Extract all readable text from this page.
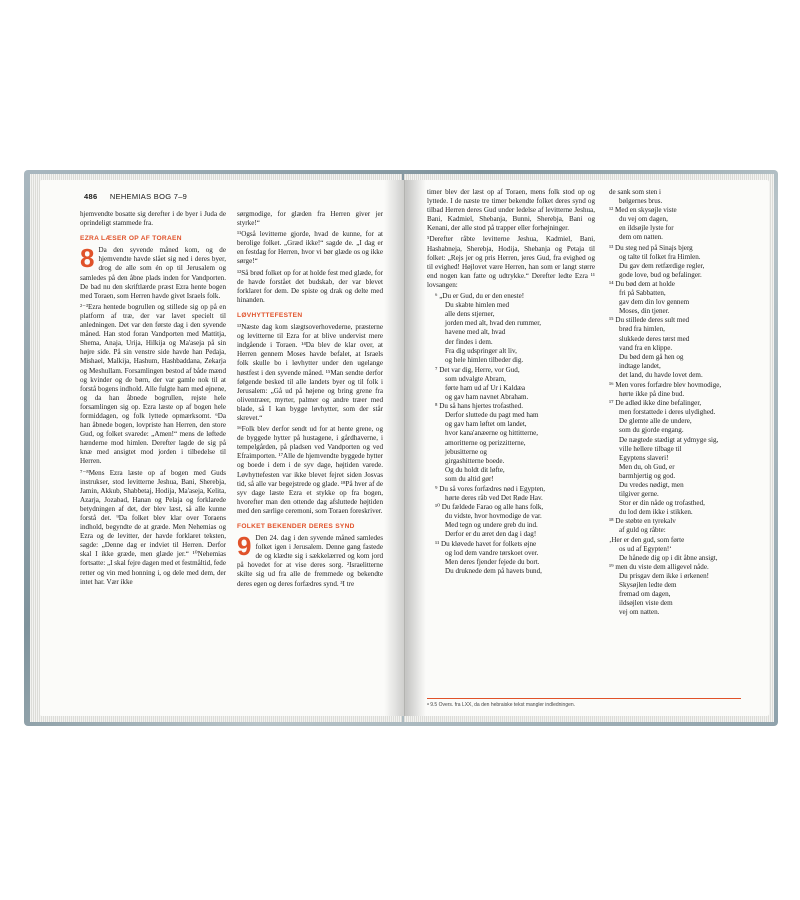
486 NEHEMIAS BOG 7–9

hjemvendte bosatte sig derefter i de byer i Juda de oprindeligt stammede fra.

EZRA LÆSER OP AF TORAEN

8 Da den syvende måned kom, og de hjemvendte havde slået sig ned i deres byer, drog de alle som én op til Jerusalem og samledes på den åbne plads inden for Vandporten. De bad nu den skriftlærde præst Ezra hente bogen med Toraen, som Herren havde givet Israels folk.

²⁻³Ezra hentede bogrullen og stillede sig op på en platform af træ, der var lavet specielt til anledningen. Det var den første dag i den syvende måned. Han stod foran Vandporten med Mattitja, Shema, Anaja, Urija, Hilkija og Ma'aseja på sin højre side. På sin venstre side havde han Pedaja, Mishael, Malkija, Hashum, Hashbaddana, Zekarja og Meshullam. Forsamlingen bestod af både mænd og kvinder og de børn, der var gamle nok til at forstå bogens indhold. Alle fulgte ham med øjnene, og da han åbnede bogrullen, rejste hele forsamlingen sig op. Ezra læste op af bogen hele formiddagen, og folk lyttede opmærksomt. ⁶Da han åbnede bogen, lovpriste han Herren, den store Gud, og folket svarede: „Amen!“ mens de løftede hænderne mod himlen. Derefter lagde de sig på knæ med ansigtet mod jorden i tilbedelse til Herren.

⁷⁻⁸Mens Ezra læste op af bogen med Guds instrukser, stod levitterne Jeshua, Bani, Sherebja, Jamin, Akkub, Shabbetaj, Hodija, Ma'aseja, Kelita, Azarja, Jozabad, Hanan og Pelaja og forklarede betydningen af det, der blev læst, så alle kunne forstå det. ⁹Da folket blev klar over Toraens indhold, begyndte de at græde. Men Nehemias og Ezra og de levitter, der havde forklaret teksten, sagde: „Denne dag er indviet til Herren. Derfor skal I ikke græde, men glæde jer.“ ¹⁰Nehemias fortsatte: „I skal fejre dagen med et festmåltid, fede retter og vin med honning i, og dele med dem, der intet har. Vær ikke

sørgmodige, for glæden fra Herren giver jer styrke!“

¹¹Også levitterne gjorde, hvad de kunne, for at berolige folket. „Græd ikke!“ sagde de. „I dag er en festdag for Herren, hvor vi bør glæde os og ikke sørge!“

¹²Så brød folket op for at holde fest med glæde, for de havde forstået det budskab, der var blevet forklaret for dem. De spiste og drak og delte med hinanden.

LØVHYTTEFESTEN

¹³Næste dag kom slægtsoverhovederne, præsterne og levitterne til Ezra for at blive undervist mere indgående i Toraen. ¹⁴Da blev de klar over, at Herren gennem Moses havde befalet, at Israels folk skulle bo i løvhytter under den ugelange høstfest i den syvende måned. ¹⁵Man sendte derfor følgende besked til alle landets byer og til folk i Jerusalem: „Gå ud på højene og bring grene fra oliventræer, myrter, palmer og andre træer med blade, så I kan bygge løvhytter, som der står skrevet.“

¹⁶Folk blev derfor sendt ud for at hente grene, og de byggede hytter på hustagene, i gårdhaverne, i tempelgården, på pladsen ved Vandporten og ved Efraimporten. ¹⁷Alle de hjemvendte byggede hytter og boede i dem i de syv dage, højtiden varede. Løvhyttefesten var ikke blevet fejret siden Josvas tid, så alle var begejstrede og glade. ¹⁸På hver af de syv dage læste Ezra et stykke op fra bogen, hvorefter man den ottende dag afsluttede højtiden med den særlige ceremoni, som Toraen foreskriver.

FOLKET BEKENDER DERES SYND

9 Den 24. dag i den syvende måned samledes folket igen i Jerusalem. Denne gang fastede de og klædte sig i sækkelærred og kom jord på hovedet for at vise deres sorg. ²Israelitterne skilte sig ud fra alle de fremmede og bekendte deres egen og deres forfædres synd. ³I tre

timer blev der læst op af Toraen, mens folk stod op og lyttede. I de næste tre timer bekendte folket deres synd og tilbad Herren deres Gud under ledelse af levitterne Jeshua, Bani, Kadmiel, Shebanja, Bunni, Sherebja, Bani og Kenani, der alle stod på trapper eller forhøjninger.

⁵Derefter råbte levitterne Jeshua, Kadmiel, Bani, Hashabneja, Sherebja, Hodija, Shebanja og Petaja til folket: „Rejs jer og pris Herren, jeres Gud, fra evighed og til evighed! Højlovet være Herren, han som er langt større end nogen kan fatte og udtrykke.“ Derefter ledte Ezra ¹¹ lovsangen:

⁶ „Du er Gud, du er den eneste!
Du skabte himlen med
alle dens stjerner,
jorden med alt, hvad den rummer,
havene med alt, hvad
der findes i dem.
Fra dig udspringer alt liv,
og hele himlen tilbeder dig.
⁷ Det var dig, Herre, vor Gud,
som udvalgte Abram,
førte ham ud af Ur i Kaldæa
og gav ham navnet Abraham.
⁸ Du så hans hjertes trofasthed.
Derfor sluttede du pagt med ham
og gav ham løftet om landet,
hvor kana'anæerne og hittitterne,
amoritterne og perizzitterne,
jebusitterne og
girgashitterne boede.
Og du holdt dit løfte,
som du altid gør!
⁹ Du så vores forfædres nød i Egypten,
hørte deres råb ved Det Røde Hav.
¹⁰ Du fældede Farao og alle hans folk,
du vidste, hvor hovmodige de var.
Med tegn og undere greb du ind.
Derfor er du æret den dag i dag!
¹¹ Du kløvede havet for folkets øjne
og lod dem vandre tørskoet over.
Men deres fjender fejede du bort.
Du druknede dem på havets bund,
de sank som sten i
bølgernes brus.
¹² Med en skysøjle viste
du vej om dagen,
en ildsøjle lyste for
dem om natten.
¹³ Du steg ned på Sinajs bjerg
og talte til folket fra Himlen.
Du gav dem retfærdige regler,
gode love, bud og befalinger.
¹⁴ Du bød dem at holde
fri på Sabbatten,
gav dem din lov gennem
Moses, din tjener.
¹⁵ Du stillede deres sult med
brød fra himlen,
slukkede deres tørst med
vand fra en klippe.
Du bød dem gå hen og
indtage landet,
det land, du havde lovet dem.
¹⁶ Men vores forfædre blev hovmodige,
hørte ikke på dine bud.
¹⁷ De adlød ikke dine befalinger,
men forstattede i deres ulydighed.
De glemte alle de undere,
som du gjorde engang.
De nægtede stædigt at ydmyge sig,
ville hellere tilbage til
Egyptens slaveri!
Men du, oh Gud, er
barmhjertig og god.
Du vredes nødigt, men
tilgiver gerne.
Stor er din nåde og trofasthed,
du lod dem ikke i stikken.
¹⁸ De støbte en tyrekalv
af guld og råbte:
‚Her er den gud, som førte
os ud af Egypten!‘
De hånede dig op i dit åbne ansigt,
¹⁹ men du viste dem alligevel nåde.
Du prisgav dem ikke i ørkenen!
Skysøjlen ledte dem
fremad om dagen,
ildsøjlen viste dem
vej om natten.
ᵃ 9.5 Overs. fra LXX, da den hebraiske tekst mangler indledningen.
